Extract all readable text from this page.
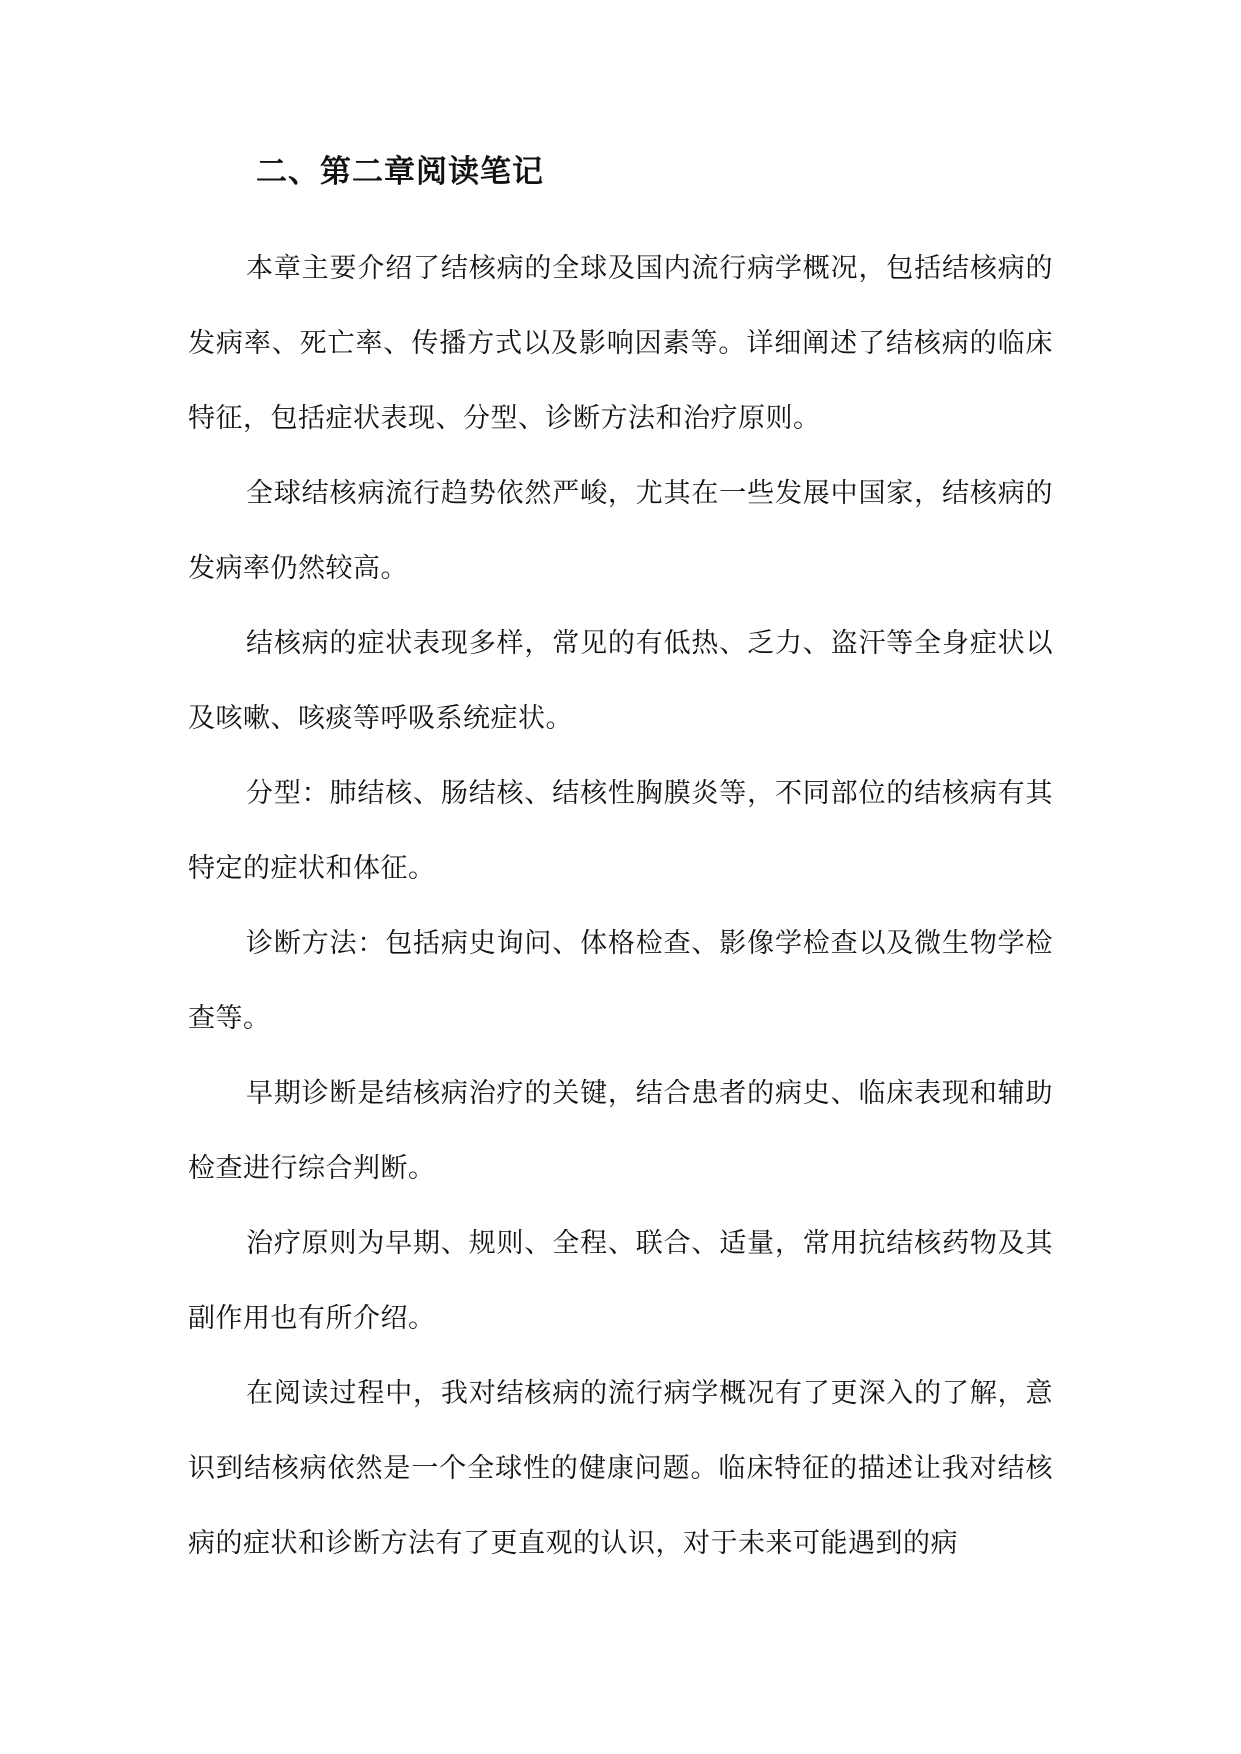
二、第二章阅读笔记

本章主要介绍了结核病的全球及国内流行病学概况，包括结核病的发病率、死亡率、传播方式以及影响因素等。详细阐述了结核病的临床特征，包括症状表现、分型、诊断方法和治疗原则。

全球结核病流行趋势依然严峻，尤其在一些发展中国家，结核病的发病率仍然较高。

结核病的症状表现多样，常见的有低热、乏力、盗汗等全身症状以及咳嗽、咳痰等呼吸系统症状。

分型：肺结核、肠结核、结核性胸膜炎等，不同部位的结核病有其特定的症状和体征。

诊断方法：包括病史询问、体格检查、影像学检查以及微生物学检查等。

早期诊断是结核病治疗的关键，结合患者的病史、临床表现和辅助检查进行综合判断。

治疗原则为早期、规则、全程、联合、适量，常用抗结核药物及其副作用也有所介绍。

在阅读过程中，我对结核病的流行病学概况有了更深入的了解，意识到结核病依然是一个全球性的健康问题。临床特征的描述让我对结核病的症状和诊断方法有了更直观的认识，对于未来可能遇到的病
